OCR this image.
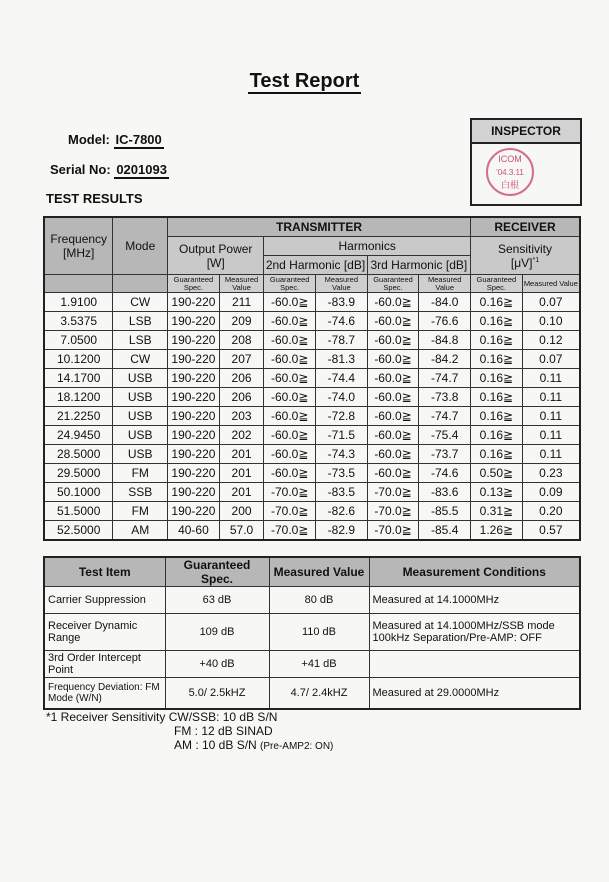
Test Report
Model: IC-7800
Serial No: 0201093
TEST RESULTS
INSPECTOR
ICOM
'04.3.11
白根
Frequency [MHz]	Mode	TRANSMITTER						RECEIVER	
		Output Power
[W]		Harmonics				Sensitivity
$[\mu V]^{*1}$
				2nd Harmonic [dB]		3rd Harmonic [dB]			
		Guaranteed Spec.	Measured Value	Guaranteed Spec.	Measured Value	Guaranteed Spec.	Measured Value	Guaranteed Spec.	Measured Value
1.9100	CW	190-220	211	-60.0≧	-83.9	-60.0≧	-84.0	0.16≧	0.07
3.5375	LSB	190-220	209	-60.0≧	-74.6	-60.0≧	-76.6	0.16≧	0.10
7.0500	LSB	190-220	208	-60.0≧	-78.7	-60.0≧	-84.8	0.16≧	0.12
10.1200	CW	190-220	207	-60.0≧	-81.3	-60.0≧	-84.2	0.16≧	0.07
14.1700	USB	190-220	206	-60.0≧	-74.4	-60.0≧	-74.7	0.16≧	0.11
18.1200	USB	190-220	206	-60.0≧	-74.0	-60.0≧	-73.8	0.16≧	0.11
21.2250	USB	190-220	203	-60.0≧	-72.8	-60.0≧	-74.7	0.16≧	0.11
24.9450	USB	190-220	202	-60.0≧	-71.5	-60.0≧	-75.4	0.16≧	0.11
28.5000	USB	190-220	201	-60.0≧	-74.3	-60.0≧	-73.7	0.16≧	0.11
29.5000	FM	190-220	201	-60.0≧	-73.5	-60.0≧	-74.6	0.50≧	0.23
50.1000	SSB	190-220	201	-70.0≧	-83.5	-70.0≧	-83.6	0.13≧	0.09
51.5000	FM	190-220	200	-70.0≧	-82.6	-70.0≧	-85.5	0.31≧	0.20
52.5000	AM	40-60	57.0	-70.0≧	-82.9	-70.0≧	-85.4	1.26≧	0.57
Test Item	Guaranteed Spec.	Measured Value	Measurement Conditions
Carrier Suppression	63 dB	80 dB	Measured at 14.1000MHz

Receiver Dynamic Range	109 dB	110 dB	Measured at 14.1000MHz/SSB mode
100kHz Separation/Pre-AMP: OFF

3rd Order Intercept Point	+40 dB	+41 dB	

Frequency Deviation: FM Mode (W/N)	5.0/ 2.5kHZ	4.7/ 2.4kHZ	Measured at 29.0000MHz
*1 Receiver Sensitivity CW/SSB: 10 dB S/N
FM : 12 dB SINAD
AM : 10 dB S/N (Pre-AMP2: ON)
